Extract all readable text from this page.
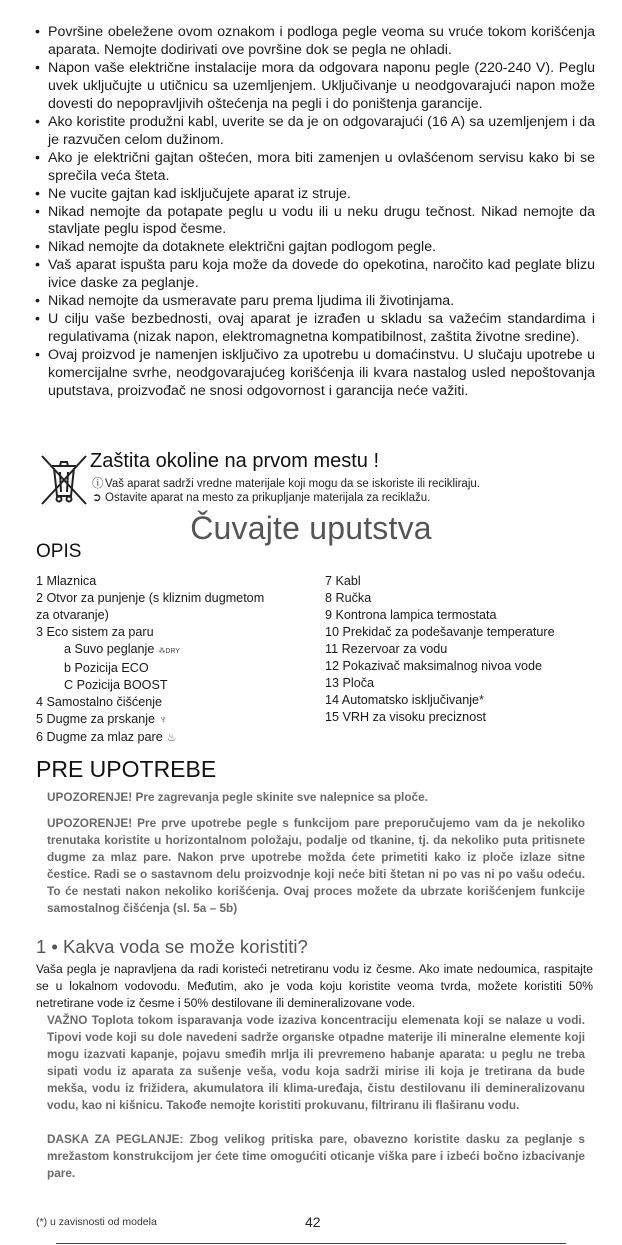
• Površine obeležene ovom oznakom i podloga pegle veoma su vruće tokom korišćenja aparata. Nemojte dodirivati ove površine dok se pegla ne ohladi.
• Napon vaše električne instalacije mora da odgovara naponu pegle (220-240 V). Peglu uvek uključujte u utičnicu sa uzemljenjem. Uključivanje u neodgovarajući napon može dovesti do nepopravljivih oštećenja na pegli i do poništenja garancije.
• Ako koristite produžni kabl, uverite se da je on odgovarajući (16 A) sa uzemljenjem i da je razvučen celom dužinom.
• Ako je električni gajtan oštećen, mora biti zamenjen u ovlašćenom servisu kako bi se sprečila veća šteta.
• Ne vucite gajtan kad isključujete aparat iz struje.
• Nikad nemojte da potapate peglu u vodu ili u neku drugu tečnost. Nikad nemojte da stavljate peglu ispod česme.
• Nikad nemojte da dotaknete električni gajtan podlogom pegle.
• Vaš aparat ispušta paru koja može da dovede do opekotina, naročito kad peglate blizu ivice daske za peglanje.
• Nikad nemojte da usmeravate paru prema ljudima ili životinjama.
• U cilju vaše bezbednosti, ovaj aparat je izrađen u skladu sa važećim standardima i regulativama (nizak napon, elektromagnetna kompatibilnost, zaštita životne sredine).
• Ovaj proizvod je namenjen isključivo za upotrebu u domaćinstvu. U slučaju upotrebe u komercijalne svrhe, neodgovarajućeg korišćenja ili kvara nastalog usled nepoštovanja uputstava, proizvođač ne snosi odgovornost i garancija neće važiti.
Zaštita okoline na prvom mestu !
ⓘ Vaš aparat sadrži vredne materijale koji mogu da se iskoriste ili recikliraju.
➲ Ostavite aparat na mesto za prikupljanje materijala za reciklažu.
Čuvajte uputstva
OPIS
1 Mlaznica
2 Otvor za punjenje (s kliznim dugmetom
za otvaranje)
3 Eco sistem za paru
a Suvo peglanje ⁂DRY
b Pozicija ECO
C Pozicija BOOST
4 Samostalno čišćenje
5 Dugme za prskanje ♆
6 Dugme za mlaz pare ♨
7 Kabl
8 Ručka
9 Kontrona lampica termostata
10 Prekidač za podešavanje temperature
11 Rezervoar za vodu
12 Pokazivač maksimalnog nivoa vode
13 Ploča
14 Automatsko isključivanje*
15 VRH za visoku preciznost
PRE UPOTREBE
UPOZORENJE! Pre zagrevanja pegle skinite sve nalepnice sa ploče.
UPOZORENJE! Pre prve upotrebe pegle s funkcijom pare preporučujemo vam da je nekoliko trenutaka koristite u horizontalnom položaju, podalje od tkanine, tj. da nekoliko puta pritisnete dugme za mlaz pare. Nakon prve upotrebe možda ćete primetiti kako iz ploče izlaze sitne čestice. Radi se o sastavnom delu proizvodnje koji neće biti štetan ni po vas ni po vašu odeću. To će nestati nakon nekoliko korišćenja. Ovaj proces možete da ubrzate korišćenjem funkcije samostalnog čišćenja (sl. 5a – 5b)
1 • Kakva voda se može koristiti?
Vaša pegla je napravljena da radi koristeći netretiranu vodu iz česme. Ako imate nedoumica, raspitajte se u lokalnom vodovodu. Međutim, ako je voda koju koristite veoma tvrda, možete koristiti 50% netretirane vode iz česme i 50% destilovane ili demineralizovane vode.
VAŽNO Toplota tokom isparavanja vode izaziva koncentraciju elemenata koji se nalaze u vodi. Tipovi vode koji su dole navedeni sadrže organske otpadne materije ili mineralne elemente koji mogu izazvati kapanje, pojavu smeđih mrlja ili prevremeno habanje aparata: u peglu ne treba sipati vodu iz aparata za sušenje veša, vodu koja sadrži mirise ili koja je tretirana da bude mekša, vodu iz frižidera, akumulatora ili klima-uređaja, čistu destilovanu ili demineralizovanu vodu, kao ni kišnicu. Takođe nemojte koristiti prokuvanu, filtriranu ili flaširanu vodu.
DASKA ZA PEGLANJE: Zbog velikog pritiska pare, obavezno koristite dasku za peglanje s mrežastom konstrukcijom jer ćete time omogućiti oticanje viška pare i izbeći bočno izbacivanje pare.
(*) u zavisnosti od modela	42
